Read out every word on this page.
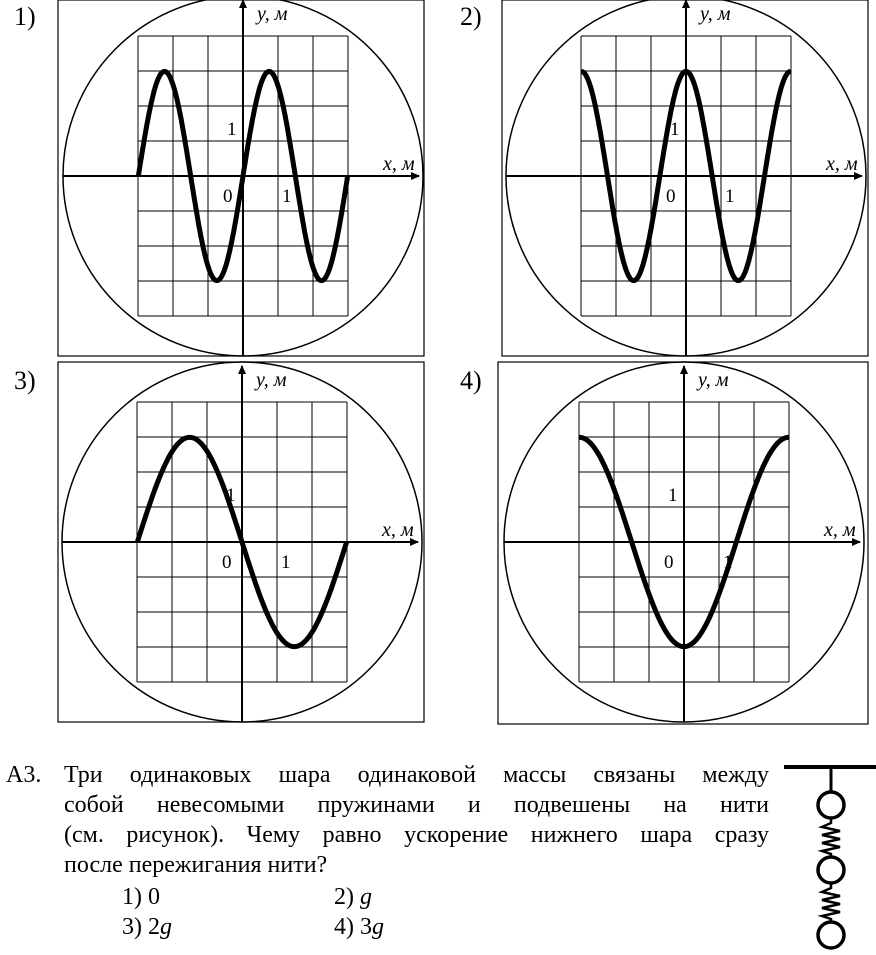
1)	2)
3)	4)
y, м
x, м
0	1
1
y, м
x, м
0	1
1
y, м
x, м
0	1
1
y, м
x, м
0	1
1
А3. Три одинаковых шара одинаковой массы связаны между
собой невесомыми пружинами и подвешены на нити
(см. рисунок). Чему равно ускорение нижнего шара сразу
после пережигания нити?
1) 0	2) g
3) 2g	4) 3g
